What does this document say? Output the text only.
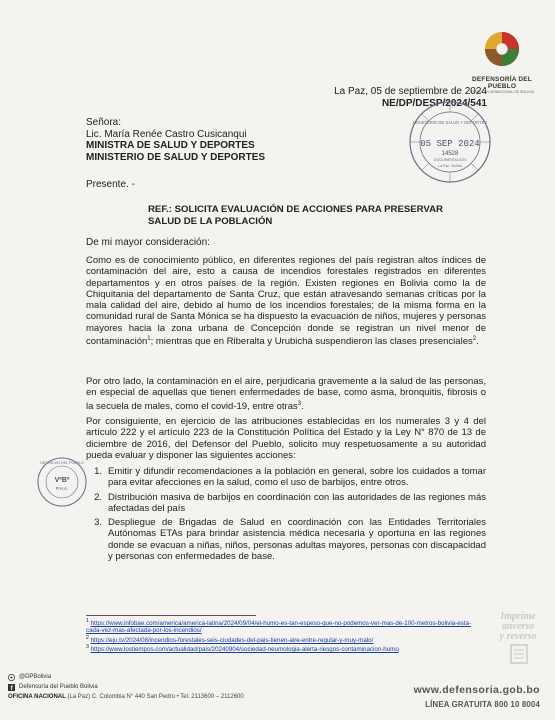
DEFENSORÍA DEL PUEBLO
ESTADO PLURINACIONAL DE BOLIVIA
La Paz, 05 de septiembre de 2024
NE/DP/DESP/2024/541
MINISTERIO DE SALUD Y DEPORTES
05 SEP 2024
14528
DOCUMENTACIÓN
La Paz - Bolivia
Señora:
Lic. María Renée Castro Cusicanqui
MINISTRA DE SALUD Y DEPORTES
MINISTERIO DE SALUD Y DEPORTES
Presente. -
REF.: SOLICITA EVALUACIÓN DE ACCIONES PARA PRESERVAR
SALUD DE LA POBLACIÓN
De mi mayor consideración:
Como es de conocimiento público, en diferentes regiones del país registran altos índices de contaminación del aire, esto a causa de incendios forestales registrados en diferentes departamentos y en otros países de la región. Existen regiones en Bolivia como la de Chiquitania del departamento de Santa Cruz, que están atravesando semanas críticas por la mala calidad del aire, debido al humo de los incendios forestales; de la misma forma en la comunidad rural de Santa Mónica se ha dispuesto la evacuación de niños, mujeres y personas mayores hacia la zona urbana de Concepción donde se registran un nivel menor de contaminación$^1$; mientras que en Riberalta y Urubichá suspendieron las clases presenciales$^2$.
Por otro lado, la contaminación en el aire, perjudicaria gravemente a la salud de las personas, en especial de aquellas que tienen enfermedades de base, como asma, bronquitis, fibrosis o la secuela de males, como el covid-19, entre otras$^3$.
Por consiguiente, en ejercicio de las atribuciones establecidas en los numerales 3 y 4 del artículo 222 y el artículo 223 de la Constitución Política del Estado y la Ley N° 870 de 13 de diciembre de 2016, del Defensor del Pueblo, solicito muy respetuosamente a su autoridad pueda evaluar y disponer las siguientes acciones:
DESPACHO DEL PUEBLO
VºBº
P.H.A.
1. Emitir y difundir recomendaciones a la población en general, sobre los cuidados a tomar para evitar afecciones en la salud, como el uso de barbijos, entre otros.
2. Distribución masiva de barbijos en coordinación con las autoridades de las regiones más afectadas del país
3. Despliegue de Brigadas de Salud en coordinación con las Entidades Territoriales Autónomas ETAs para brindar asistencia médica necesaria y oportuna en las regiones donde se evacuan a niñas, niños, personas adultas mayores, personas con discapacidad y personas con enfermedades de base.
$^1$ https://www.infobae.com/america/america-latina/2024/09/04/el-humo-es-tan-espeso-que-no-podemos-ver-mas-de-100-metros-bolivia-esta-cada-vez-mas-afectada-por-los-incendios/
$^2$ https://eju.tv/2024/08/incendios-forestales-seis-ciudades-del-pais-tienen-aire-entre-regular-y-muy-malo/
$^3$ https://www.lostiempos.com/actualidad/pais/20240904/sociedad-neumologia-alerta-riesgos-contaminacion-humo
Imprime
anverso
y reverso
@DPBolivia
f Defensoría del Pueblo Bolivia
OFICINA NACIONAL (La Paz) C. Colombia N° 440 San Pedro • Tel. 2113600 – 2112600
www.defensoria.gob.bo
LÍNEA GRATUITA 800 10 8004
